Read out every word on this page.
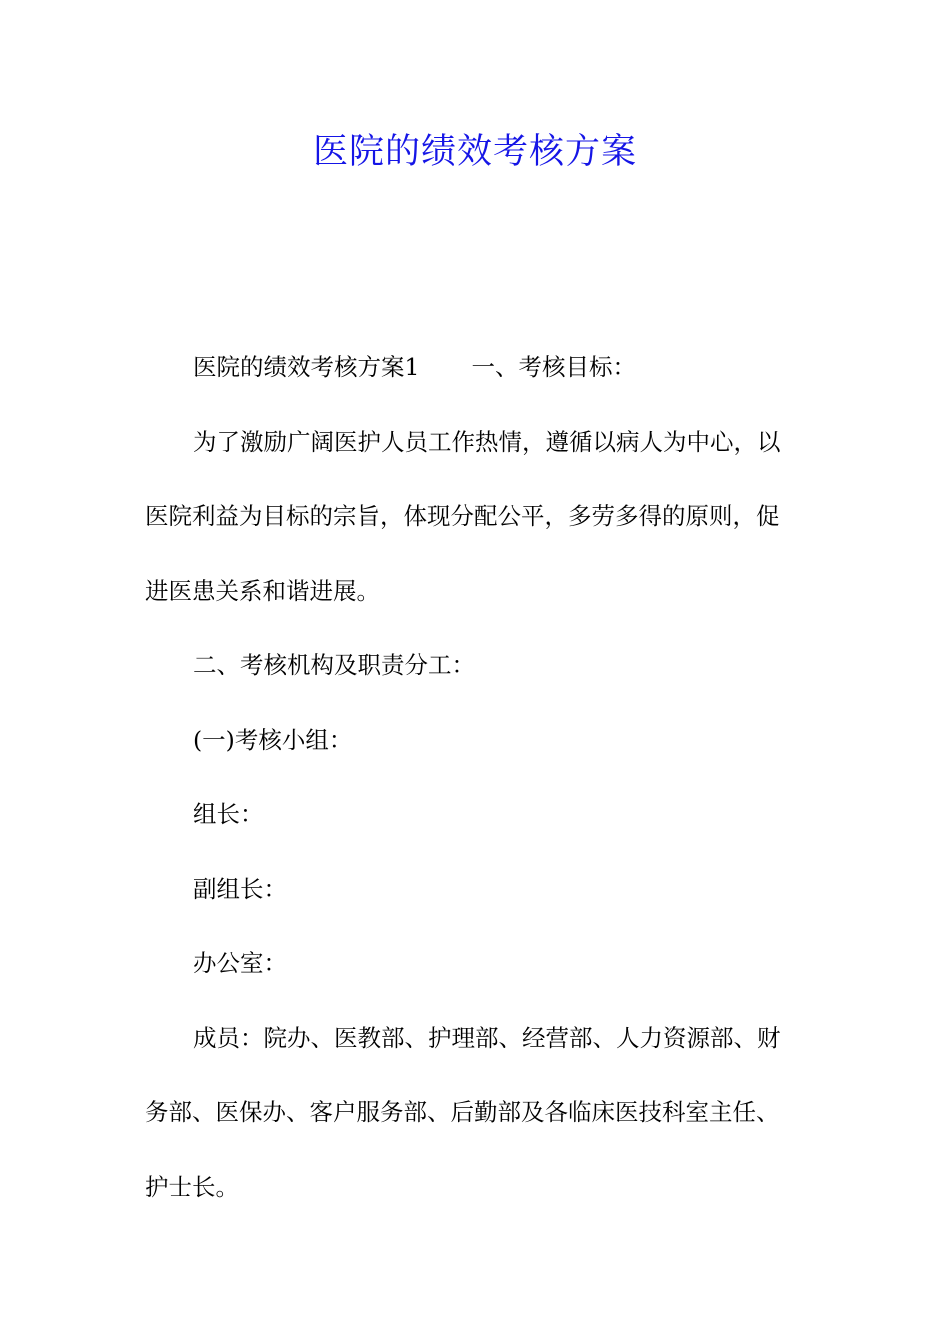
医院的绩效考核方案

医院的绩效考核方案1 一、考核目标：

为了激励广阔医护人员工作热情，遵循以病人为中心，以

医院利益为目标的宗旨，体现分配公平，多劳多得的原则，促

进医患关系和谐进展。

二、考核机构及职责分工：

(一)考核小组：

组长：

副组长：

办公室：

成员：院办、医教部、护理部、经营部、人力资源部、财

务部、医保办、客户服务部、后勤部及各临床医技科室主任、

护士长。
